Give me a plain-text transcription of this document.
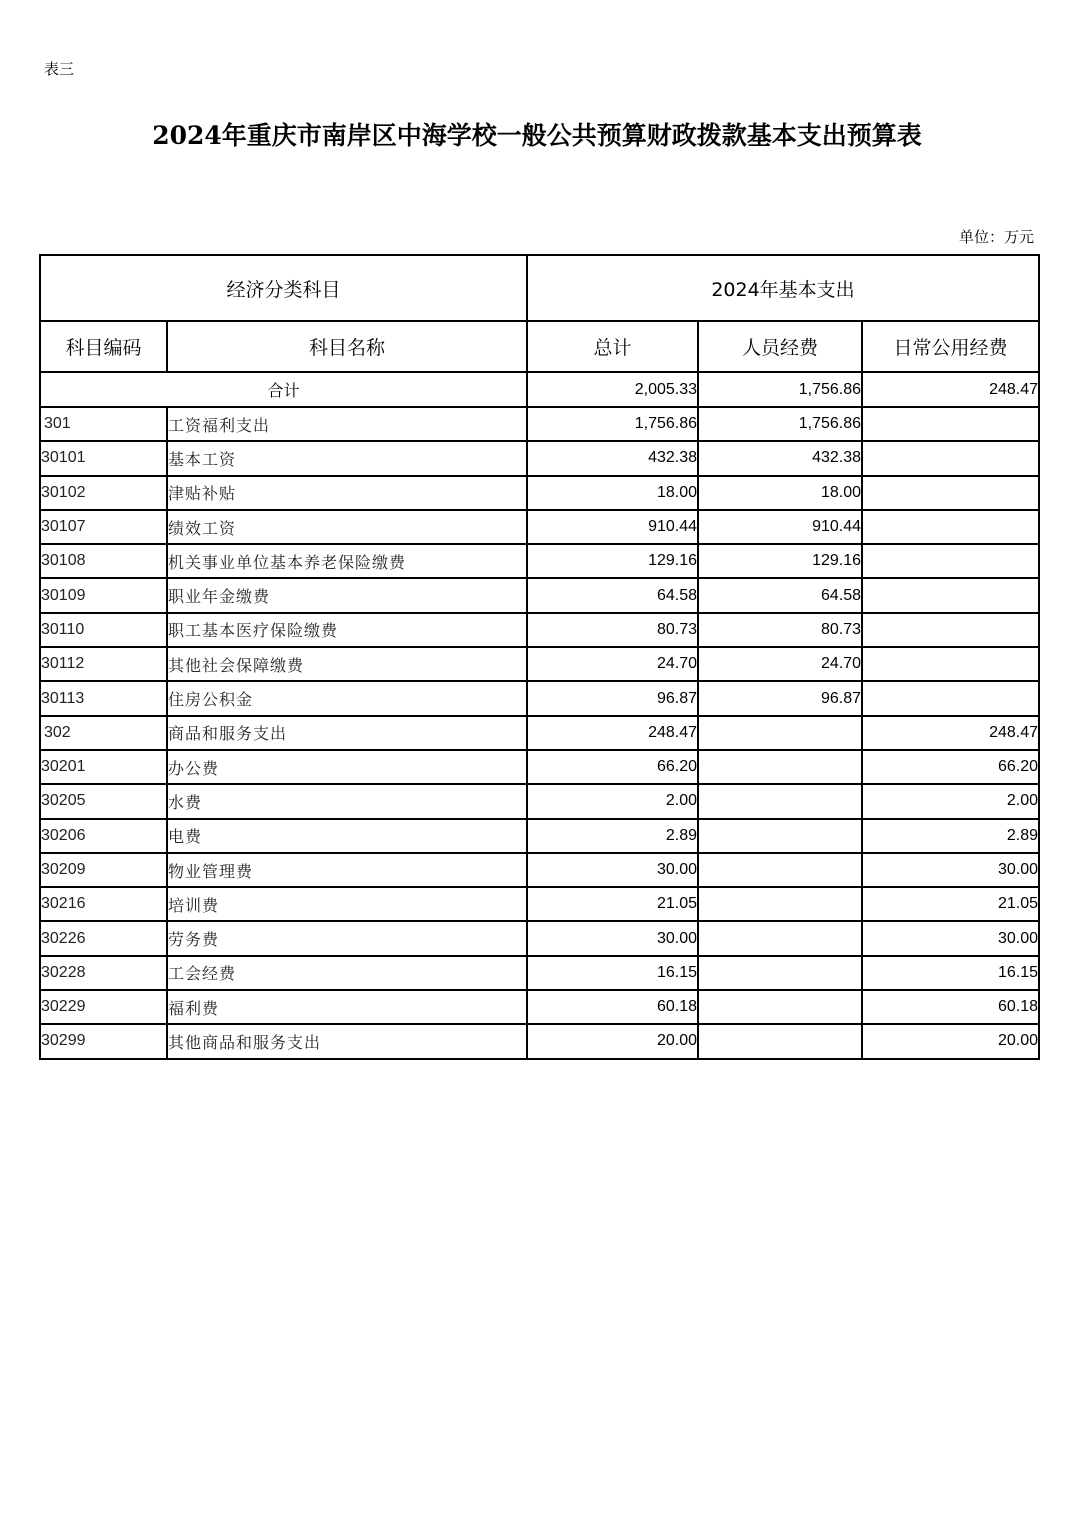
表三
2024年重庆市南岸区中海学校一般公共预算财政拨款基本支出预算表
单位：万元
经济分类科目		2024年基本支出		
科目编码	科目名称	总计	人员经费	日常公用经费
合计		2,005.33	1,756.86	248.47
301	工资福利支出	1,756.86	1,756.86	
30101	基本工资	432.38	432.38	
30102	津贴补贴	18.00	18.00	
30107	绩效工资	910.44	910.44	
30108	机关事业单位基本养老保险缴费	129.16	129.16	
30109	职业年金缴费	64.58	64.58	
30110	职工基本医疗保险缴费	80.73	80.73	
30112	其他社会保障缴费	24.70	24.70	
30113	住房公积金	96.87	96.87	
302	商品和服务支出	248.47		248.47
30201	办公费	66.20		66.20
30205	水费	2.00		2.00
30206	电费	2.89		2.89
30209	物业管理费	30.00		30.00
30216	培训费	21.05		21.05
30226	劳务费	30.00		30.00
30228	工会经费	16.15		16.15
30229	福利费	60.18		60.18
30299	其他商品和服务支出	20.00		20.00
